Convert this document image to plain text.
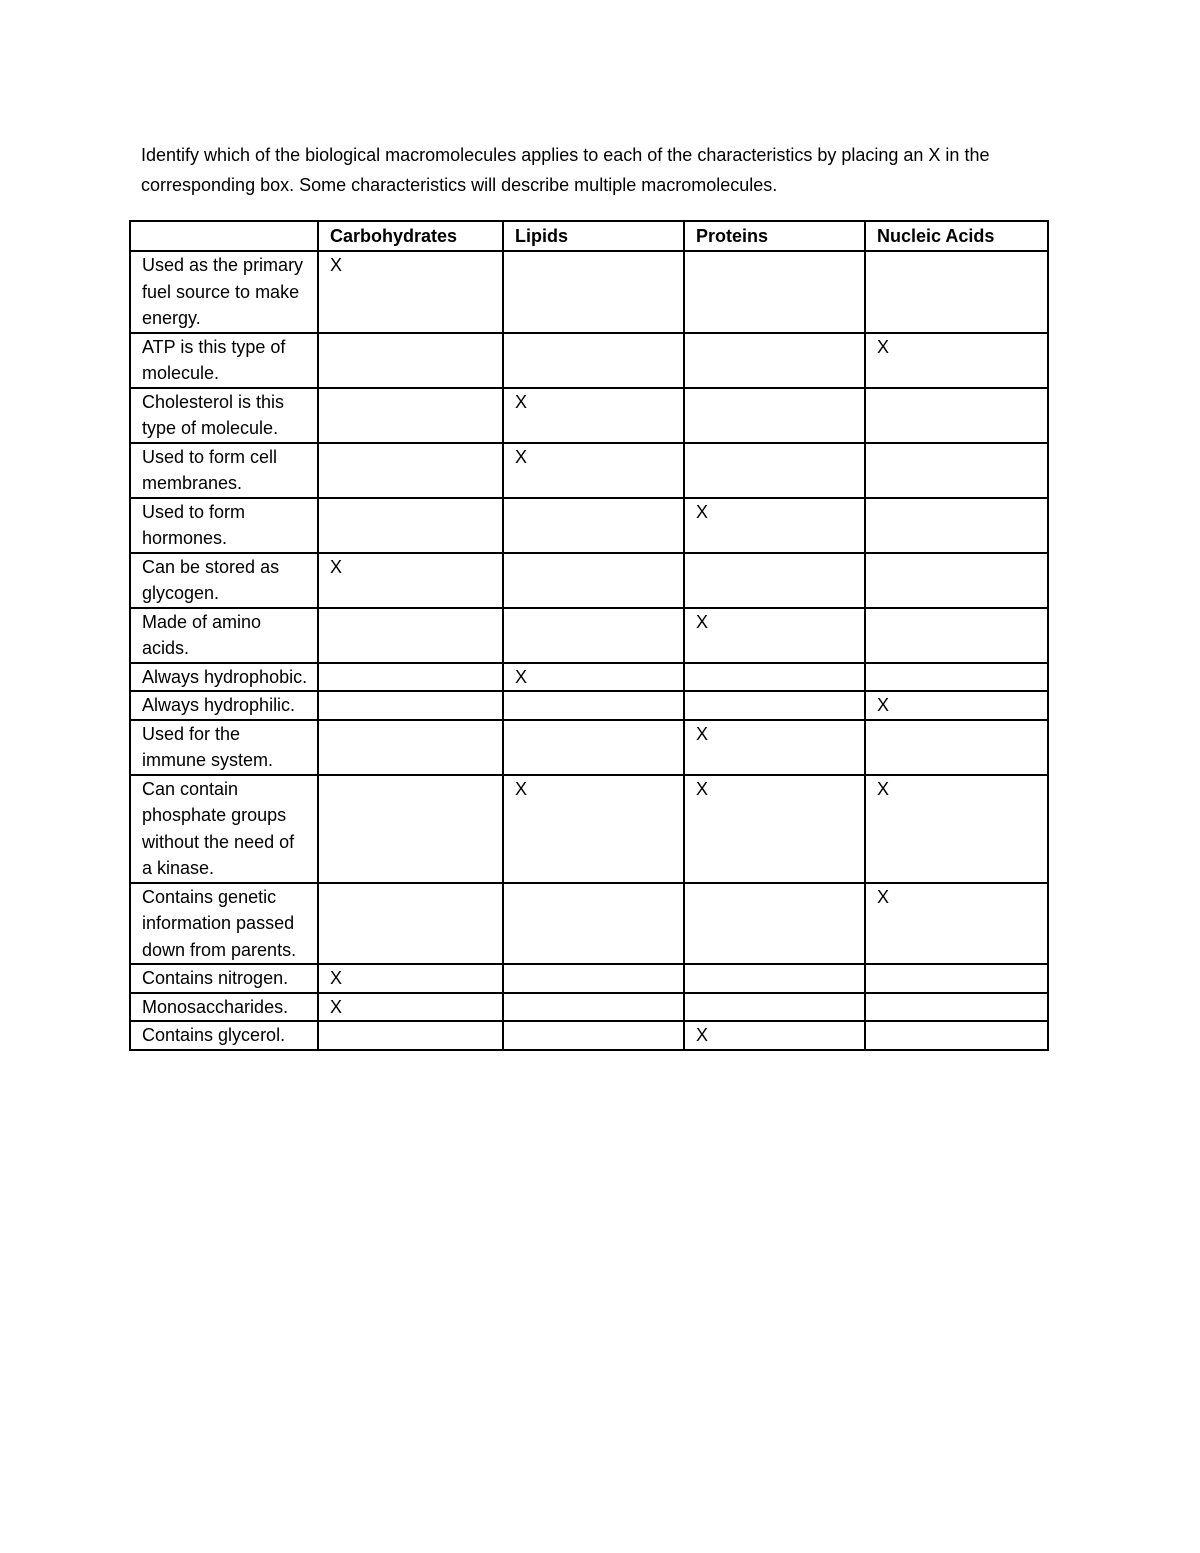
Identify which of the biological macromolecules applies to each of the characteristics by placing an X in the corresponding box. Some characteristics will describe multiple macromolecules.

	Carbohydrates	Lipids	Proteins	Nucleic Acids
Used as the primary fuel source to make energy.	X			
ATP is this type of molecule.				X
Cholesterol is this type of molecule.		X		
Used to form cell membranes.		X		
Used to form hormones.			X	
Can be stored as glycogen.	X			
Made of amino acids.			X	
Always hydrophobic.		X		
Always hydrophilic.				X
Used for the immune system.			X	
Can contain phosphate groups without the need of a kinase.		X	X	X
Contains genetic information passed down from parents.				X
Contains nitrogen.	X			
Monosaccharides.	X			
Contains glycerol.			X	
